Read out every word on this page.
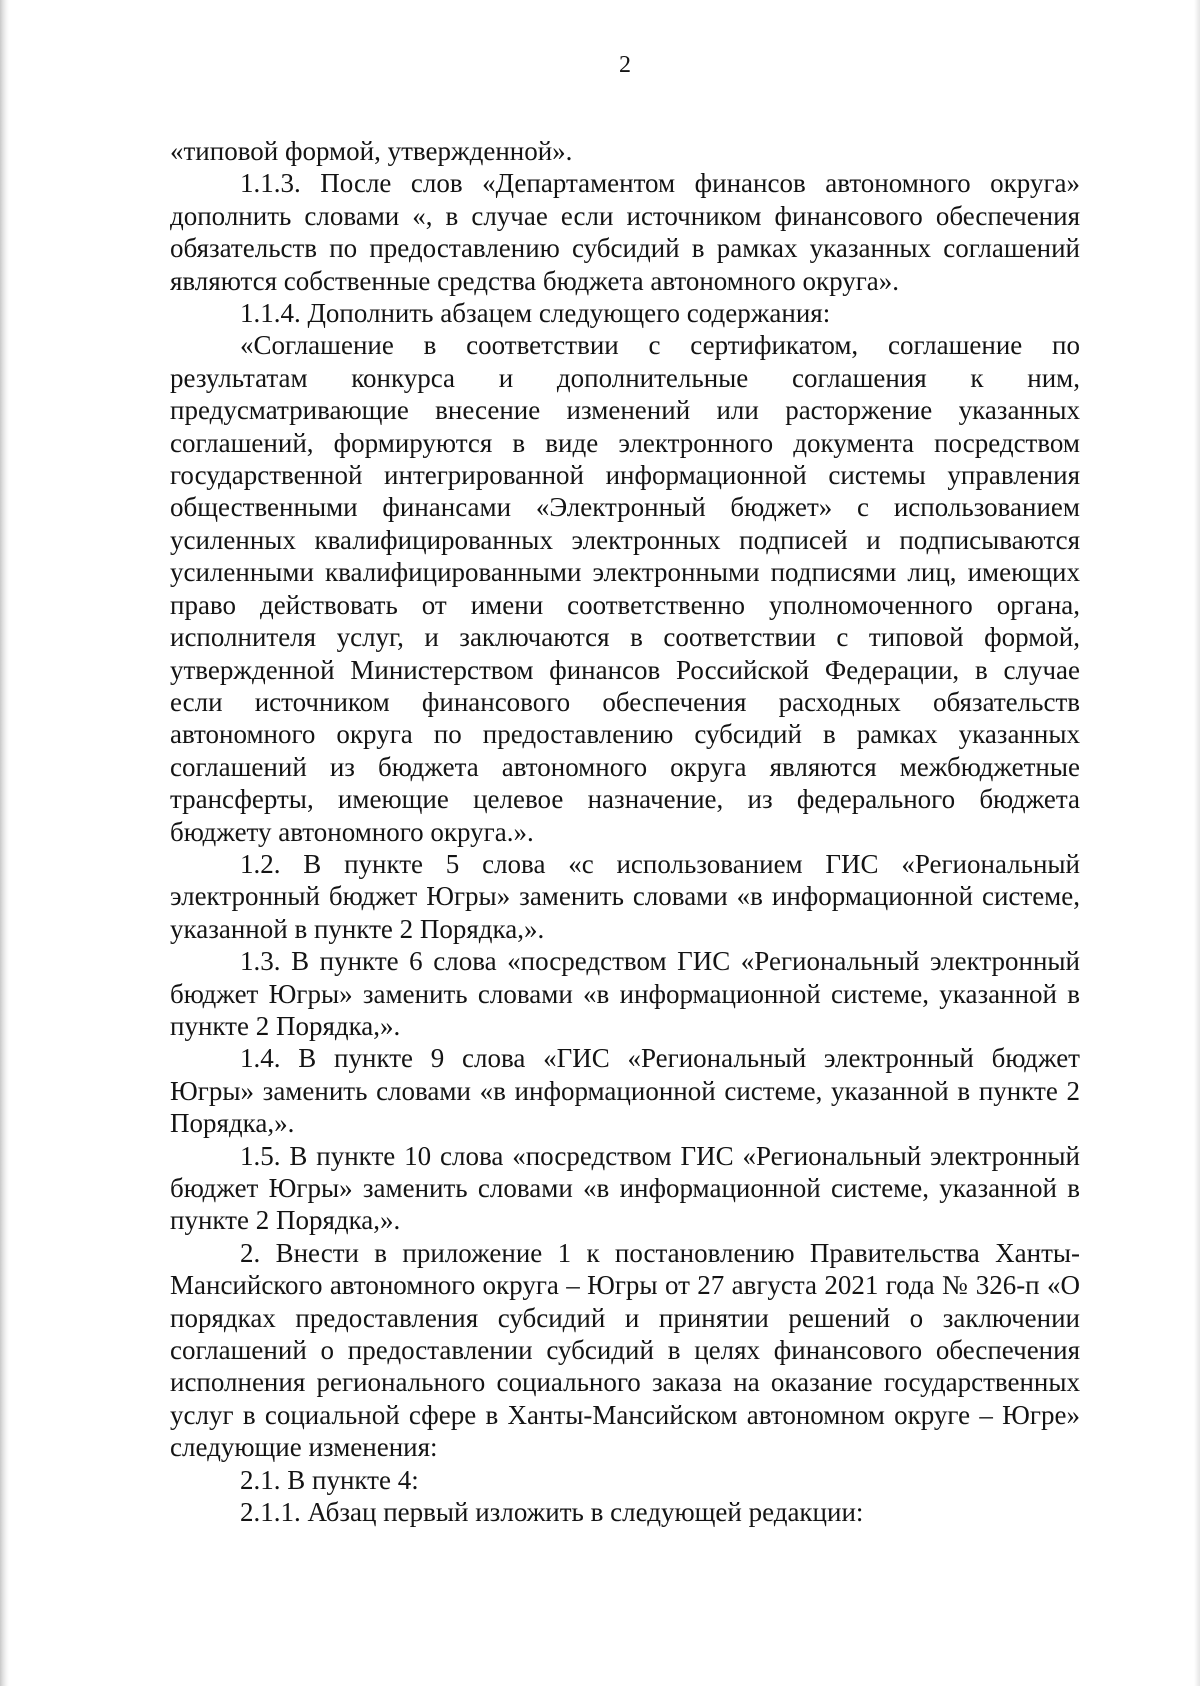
2

«типовой формой, утвержденной».

1.1.3. После слов «Департаментом финансов автономного округа» дополнить словами «, в случае если источником финансового обеспечения обязательств по предоставлению субсидий в рамках указанных соглашений являются собственные средства бюджета автономного округа».

1.1.4. Дополнить абзацем следующего содержания:

«Соглашение в соответствии с сертификатом, соглашение по результатам конкурса и дополнительные соглашения к ним, предусматривающие внесение изменений или расторжение указанных соглашений, формируются в виде электронного документа посредством государственной интегрированной информационной системы управления общественными финансами «Электронный бюджет» с использованием усиленных квалифицированных электронных подписей и подписываются усиленными квалифицированными электронными подписями лиц, имеющих право действовать от имени соответственно уполномоченного органа, исполнителя услуг, и заключаются в соответствии с типовой формой, утвержденной Министерством финансов Российской Федерации, в случае если источником финансового обеспечения расходных обязательств автономного округа по предоставлению субсидий в рамках указанных соглашений из бюджета автономного округа являются межбюджетные трансферты, имеющие целевое назначение, из федерального бюджета бюджету автономного округа.».

1.2. В пункте 5 слова «с использованием ГИС «Региональный электронный бюджет Югры» заменить словами «в информационной системе, указанной в пункте 2 Порядка,».

1.3. В пункте 6 слова «посредством ГИС «Региональный электронный бюджет Югры» заменить словами «в информационной системе, указанной в пункте 2 Порядка,».

1.4. В пункте 9 слова «ГИС «Региональный электронный бюджет Югры» заменить словами «в информационной системе, указанной в пункте 2 Порядка,».

1.5. В пункте 10 слова «посредством ГИС «Региональный электронный бюджет Югры» заменить словами «в информационной системе, указанной в пункте 2 Порядка,».

2. Внести в приложение 1 к постановлению Правительства Ханты-Мансийского автономного округа – Югры от 27 августа 2021 года № 326-п «О порядках предоставления субсидий и принятии решений о заключении соглашений о предоставлении субсидий в целях финансового обеспечения исполнения регионального социального заказа на оказание государственных услуг в социальной сфере в Ханты-Мансийском автономном округе – Югре» следующие изменения:

2.1. В пункте 4:

2.1.1. Абзац первый изложить в следующей редакции:
